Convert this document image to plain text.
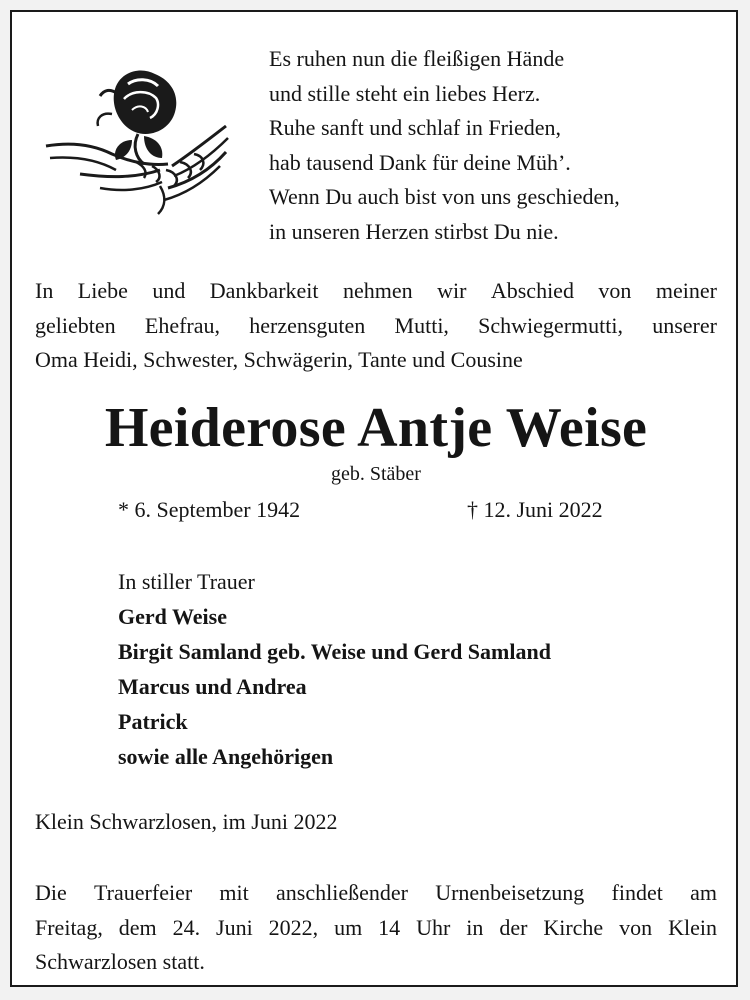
Es ruhen nun die fleißigen Hände
und stille steht ein liebes Herz.
Ruhe sanft und schlaf in Frieden,
hab tausend Dank für deine Müh’.
Wenn Du auch bist von uns geschieden,
in unseren Herzen stirbst Du nie.
In Liebe und Dankbarkeit nehmen wir Abschied von meiner
geliebten Ehefrau, herzensguten Mutti, Schwiegermutti, unserer
Oma Heidi, Schwester, Schwägerin, Tante und Cousine
Heiderose Antje Weise
geb. Stäber
* 6. September 1942	† 12. Juni 2022
In stiller Trauer
Gerd Weise
Birgit Samland geb. Weise und Gerd Samland
Marcus und Andrea
Patrick
sowie alle Angehörigen
Klein Schwarzlosen, im Juni 2022
Die Trauerfeier mit anschließender Urnenbeisetzung findet am
Freitag, dem 24. Juni 2022, um 14 Uhr in der Kirche von Klein
Schwarzlosen statt.
